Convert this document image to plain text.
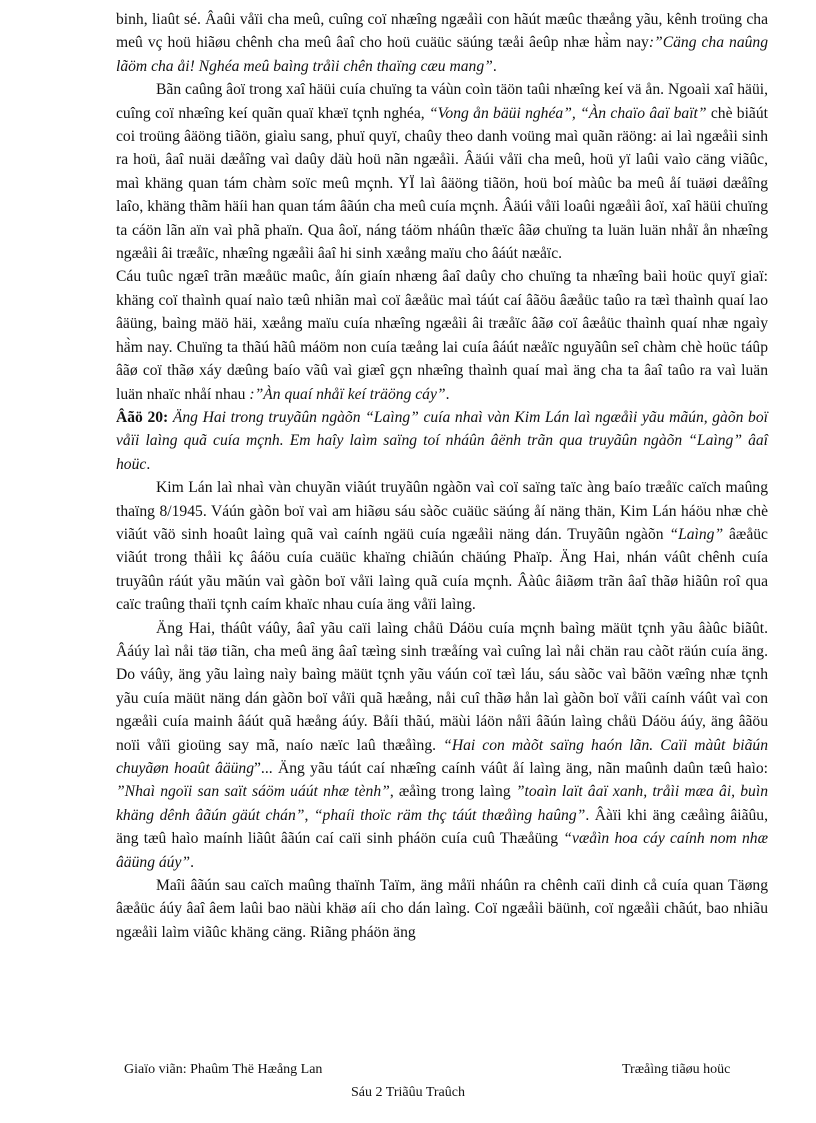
binh, liaût sé. Âaûi våïi cha meû, cuîng coï nhæîng ngæåìi con hãút mæûc thæång yãu, kênh troüng cha meû vç hoü hiãøu chênh cha meû âaî cho hoü cuäüc säúng tæåi âeûp nhæ hä̀m nay:”Cäng cha naûng lãöm cha åi! Nghéa meû baìng tråìi chên thaïng cæu mang”.

Bãn caûng âoï trong xaî häüi cuía chuïng ta váùn coìn täön taûi nhæîng keí vä ån. Ngoaìi xaî häüi, cuîng coï nhæîng keí quãn quaï khæï tçnh nghéa, “Vong ån bäüi nghéa”, “Àn chaïo âaï baït” chè biãút coi troüng âäöng tiãön, giaìu sang, phuï quyï, chaûy theo danh voüng maì quãn räöng: ai laì ngæåìi sinh ra hoü, âaî nuäi dæåîng vaì daûy däù hoü nãn ngæåìi. Âäúi våïi cha meû, hoü yï laûi vaìo cäng viãûc, maì khäng quan tám chàm soïc meû mçnh. YÏ laì âäöng tiãön, hoü boí màûc ba meû åí tuäøi dæåîng laîo, khäng thãm häíi han quan tám âãún cha meû cuía mçnh. Âäúi våïi loaûi ngæåìi âoï, xaî häüi chuïng ta cáön lãn aïn vaì phã phaïn. Qua âoï, náng táöm nháûn thæïc âãø chuïng ta luän luän nhåï ån nhæîng ngæåìi âi træåïc, nhæîng ngæåìi âaî hi sinh xæång maïu cho âáút næåïc.

Cáu tuûc ngæî trãn mæåüc maûc, åín giaín nhæng âaî daûy cho chuïng ta nhæîng baìi hoüc quyï giaï: khäng coï thaình quaí naìo tæû nhiãn maì coï âæåüc maì táút caí âãöu âæåüc taûo ra tæì thaình quaí lao âäüng, baìng mäö häi, xæång maïu cuía nhæîng ngæåìi âi træåïc âãø coï âæåüc thaình quaí nhæ ngaìy hä̀m nay. Chuïng ta thãú hãû máöm non cuía tæång lai cuía âáút næåïc nguyãûn seî chàm chè hoüc táûp âãø coï thãø xáy dæûng baío vãû vaì giæî gçn nhæîng thaình quaí maì äng cha ta âaî taûo ra vaì luän luän nhaïc nhåí nhau :”Àn quaí nhåï keí träöng cáy”.

Âãö 20: Äng Hai trong truyãûn ngàõn “Laìng” cuía nhaì vàn Kim Lán laì ngæåìi yãu mãún, gàõn boï våïi laìng quã cuía mçnh. Em haîy laìm saïng toí nháûn âënh trãn qua truyãûn ngàõn “Laìng” âaî hoüc.

Kim Lán laì nhaì vàn chuyãn viãút truyãûn ngàõn vaì coï saïng taïc àng baío træåïc caïch maûng thaïng 8/1945. Váún gàõn boï vaì am hiãøu sáu sàõc cuäüc säúng åí näng thän, Kim Lán háöu nhæ chè viãút vãö sinh hoaût laìng quã vaì caính ngäü cuía ngæåìi näng dán. Truyãûn ngàõn “Laìng” âæåüc viãút trong thåìi kç âáöu cuía cuäüc khaïng chiãún chäúng Phaïp. Äng Hai, nhán váût chênh cuía truyãûn ráút yãu mãún vaì gàõn boï våïi laìng quã cuía mçnh. Âàûc âiãøm trãn âaî thãø hiãûn roî qua caïc traûng thaïi tçnh caím khaïc nhau cuía äng våïi laìng.

Äng Hai, tháût váûy, âaî yãu caïi laìng chåü Dáöu cuía mçnh baìng mäüt tçnh yãu âàûc biãût. Âáúy laì nåi täø tiãn, cha meû äng âaî tæìng sinh træåíng vaì cuîng laì nåi chän rau càõt räún cuía äng. Do váûy, äng yãu laìng naìy baìng mäüt tçnh yãu váún coï tæì láu, sáu sàõc vaì bãön væîng nhæ tçnh yãu cuía mäüt näng dán gàõn boï våïi quã hæång, nåi cuî thãø hån laì gàõn boï våïi caính váût vaì con ngæåìi cuía mainh âáút quã hæång áúy. Båíi thãú, mäùi láön nåïi âãún laìng chåü Dáöu áúy, äng âãöu noïi våïi gioüng say mã, naío næïc laû thæåìng. “Hai con màõt saïng haón lãn. Caïi màût biãún chuyãøn hoaût âäüng”... Äng yãu táút caí nhæîng caính váût åí laìng äng, nãn maûnh daûn tæû haìo: ”Nhaì ngoïi san saït sáöm uáút nhæ tènh”, æåìng trong laìng ”toaìn laït âaï xanh, tråìi mæa âi, buìn khäng dênh âãún gäút chán”, “phaíi thoïc räm thç táút thæåìng haûng”. Âàïi khi äng cæåìng âiãûu, äng tæû haìo maính liãût âãún caí caïi sinh pháön cuía cuû Thæåüng “væåìn hoa cáy caính nom nhæ âäüng áúy”.

Maîi âãún sau caïch maûng thaïnh Taïm, äng måïi nháûn ra chênh caïi dinh cå cuía quan Täøng âæåüc áúy âaî âem laûi bao näùi khäø aíi cho dán laìng. Coï ngæåìi bäünh, coï ngæåìi chãút, bao nhiãu ngæåìi laìm viãûc khäng cäng. Riãng pháön äng

Giaïo viãn: Phaûm Thë Hæång Lan	Træåìng tiãøu hoüc
Sáu 2 Triãûu Traûch
